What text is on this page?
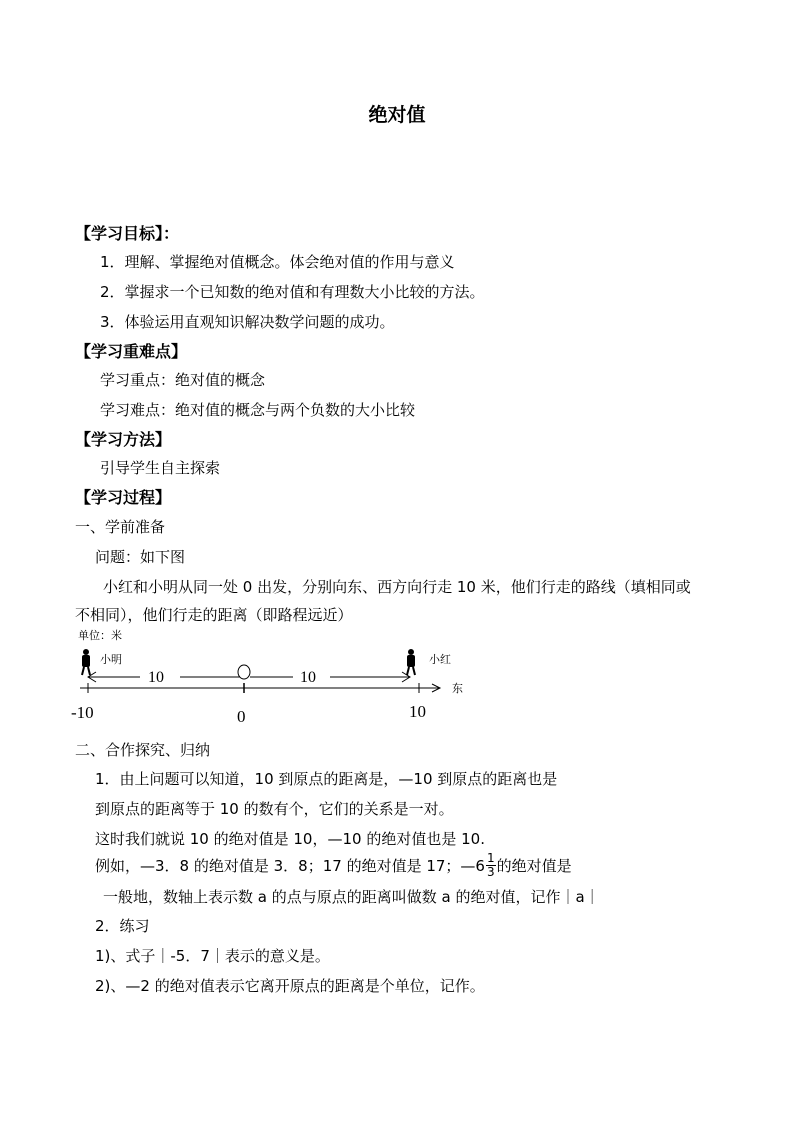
绝对值
【学习目标】：
1．理解、掌握绝对值概念。体会绝对值的作用与意义
2．掌握求一个已知数的绝对值和有理数大小比较的方法。
3．体验运用直观知识解决数学问题的成功。
【学习重难点】
学习重点：绝对值的概念
学习难点：绝对值的概念与两个负数的大小比较
【学习方法】
引导学生自主探索
【学习过程】
一、学前准备
问题：如下图
小红和小明从同一处 0 出发，分别向东、西方向行走 10 米，他们行走的路线（填相同或
不相同），他们行走的距离（即路程远近）
单位：米
小明	小红
10	10
东
-10	0	10
二、合作探究、归纳
1．由上问题可以知道，10 到原点的距离是，—10 到原点的距离也是
到原点的距离等于 10 的数有个，它们的关系是一对。
这时我们就说 10 的绝对值是 10，—10 的绝对值也是 10.
例如，—3．8 的绝对值是 3．8；17 的绝对值是 17；—6 $\frac{1}{3}$ 的绝对值是
一般地，数轴上表示数 a 的点与原点的距离叫做数 a 的绝对值，记作｜a｜
2．练习
1)、式子｜-5．7｜表示的意义是。
2)、—2 的绝对值表示它离开原点的距离是个单位，记作。
